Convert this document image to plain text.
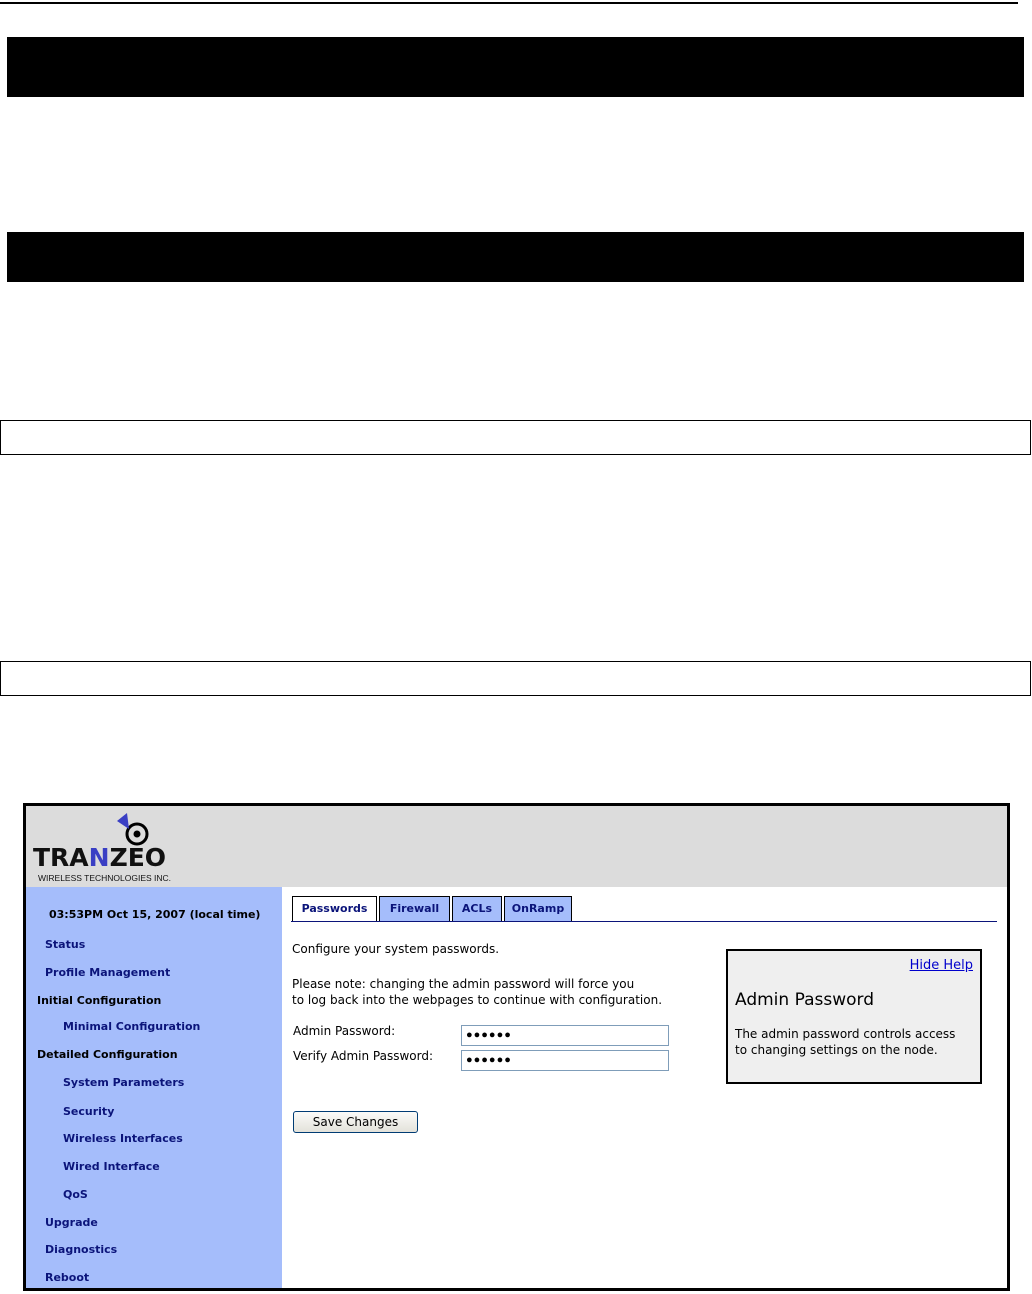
TRANZEO
WIRELESS TECHNOLOGIES INC.
03:53PM Oct 15, 2007 (local time)
Status
Profile Management
Initial Configuration
Minimal Configuration
Detailed Configuration
System Parameters
Security
Wireless Interfaces
Wired Interface
QoS
Upgrade
Diagnostics
Reboot
Passwords	Firewall	ACLs	OnRamp
Configure your system passwords.
Please note: changing the admin password will force you
to log back into the webpages to continue with configuration.
Admin Password:	●●●●●●
Verify Admin Password:	●●●●●●
Save Changes
Hide Help
Admin Password
The admin password controls access
to changing settings on the node.
